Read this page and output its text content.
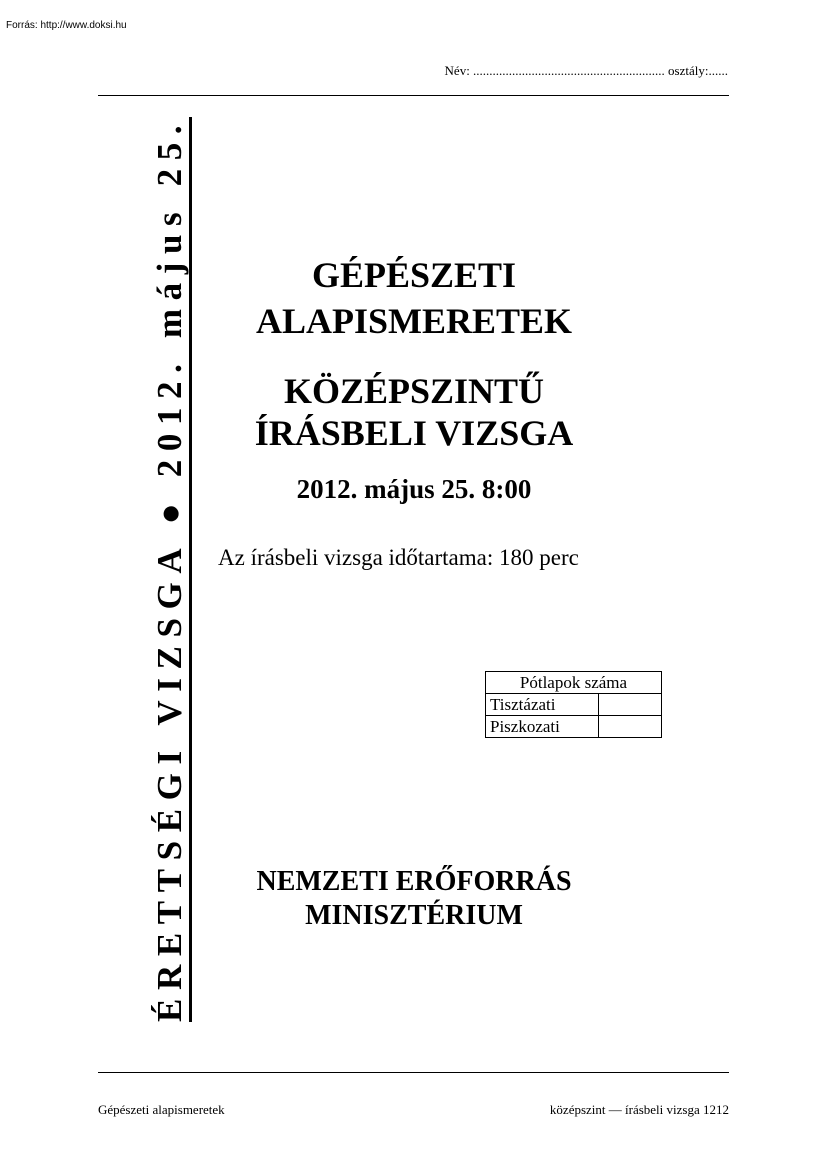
Forrás: http://www.doksi.hu
Név: ........................................................... osztály:......
ÉRETTSÉGI VIZSGA ● 2012. május 25.	GÉPÉSZETI
ALAPISMERETEK
KÖZÉPSZINTŰ
ÍRÁSBELI VIZSGA
2012. május 25. 8:00
Az írásbeli vizsga időtartama: 180 perc
Pótlapok száma	
Tisztázati	
Piszkozati	
NEMZETI ERŐFORRÁS
MINISZTÉRIUM
Gépészeti alapismeretek	középszint — írásbeli vizsga 1212
